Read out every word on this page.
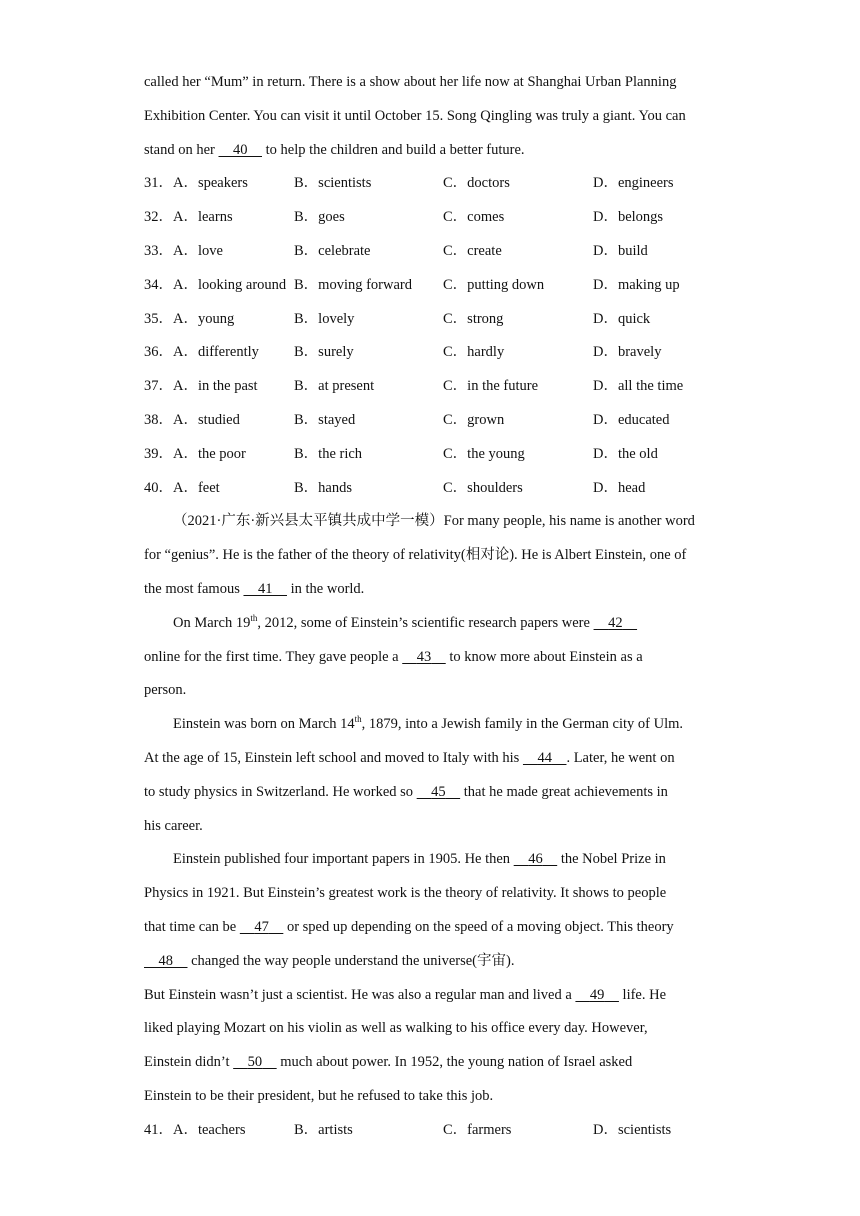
called her “Mum” in return. There is a show about her life now at Shanghai Urban Planning
Exhibition Center. You can visit it until October 15. Song Qingling was truly a giant. You can
stand on her 40 to help the children and build a better future.
31． A．speakers	B．scientists	C．doctors	D．engineers
32． A．learns	B．goes	C．comes	D．belongs
33． A．love	B．celebrate	C．create	D．build
34． A．looking around B．moving forward C．putting down	D．making up
35． A．young	B．lovely	C．strong	D．quick
36． A．differently B．surely	C．hardly	D．bravely
37． A．in the past	B．at present	C．in the future	D．all the time
38． A．studied	B．stayed	C．grown	D．educated
39． A．the poor	B．the rich	C．the young	D．the old
40． A．feet	B．hands	C．shoulders	D．head
（2021·广东·新兴县太平镇共成中学一模）For many people, his name is another word
for “genius”. He is the father of the theory of relativity(相对论). He is Albert Einstein, one of
the most famous 41 in the world.
On March 19th, 2012, some of Einstein’s scientific research papers were 42
online for the first time. They gave people a 43 to know more about Einstein as a
person.
Einstein was born on March 14th, 1879, into a Jewish family in the German city of Ulm.
At the age of 15, Einstein left school and moved to Italy with his 44 . Later, he went on
to study physics in Switzerland. He worked so 45 that he made great achievements in
his career.
Einstein published four important papers in 1905. He then 46 the Nobel Prize in
Physics in 1921. But Einstein’s greatest work is the theory of relativity. It shows to people
that time can be 47 or sped up depending on the speed of a moving object. This theory
48 changed the way people understand the universe(宇宙).
But Einstein wasn’t just a scientist. He was also a regular man and lived a 49 life. He
liked playing Mozart on his violin as well as walking to his office every day. However,
Einstein didn’t 50 much about power. In 1952, the young nation of Israel asked
Einstein to be their president, but he refused to take this job.
41． A．teachers	B．artists	C．farmers	D．scientists
